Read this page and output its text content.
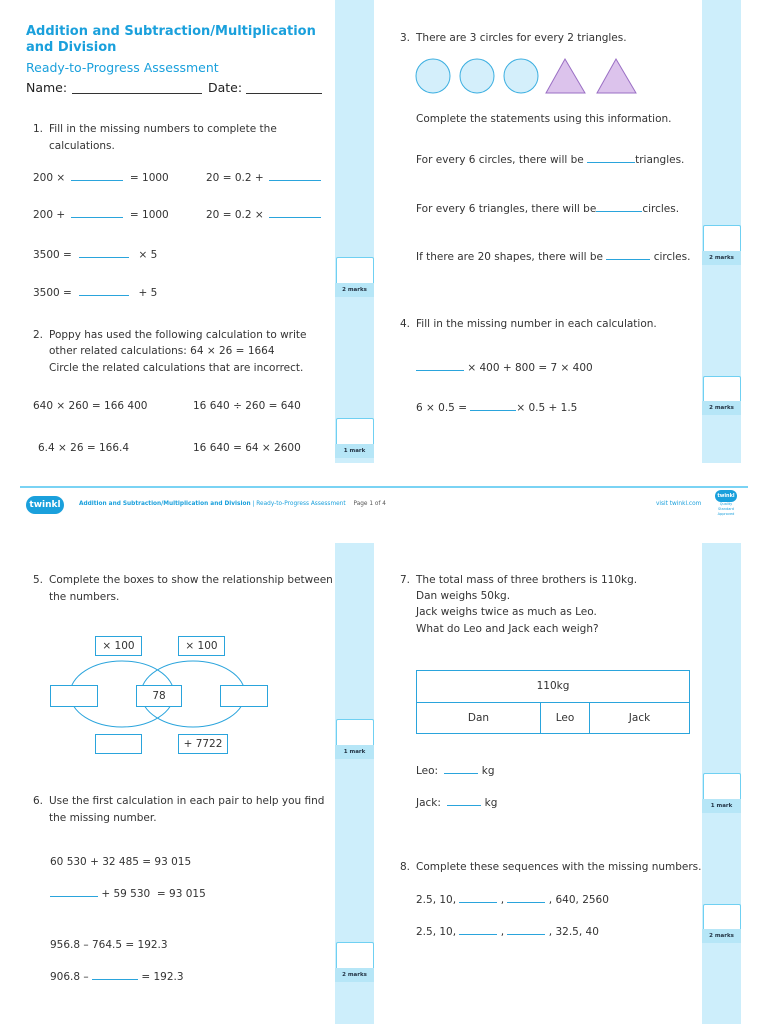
Addition and Subtraction/Multiplication
and Division
Ready-to-Progress Assessment
Name:	Date:
1. Fill in the missing numbers to complete the
calculations.
200 ×	= 1000	20 = 0.2 +
200 +	= 1000	20 = 0.2 ×
3500 =	× 5
3500 =	+ 5	2 marks
2. Poppy has used the following calculation to write
other related calculations: 64 × 26 = 1664
Circle the related calculations that are incorrect.
640 × 260 = 166 400	16 640 ÷ 260 = 640
6.4 × 26 = 166.4	16 640 = 64 × 2600	1 mark
3. There are 3 circles for every 2 triangles.
Complete the statements using this information.
For every 6 circles, there will be	triangles.
For every 6 triangles, there will be	circles.
If there are 20 shapes, there will be	circles.	2 marks
4. Fill in the missing number in each calculation.
× 400 + 800 = 7 × 400
6 × 0.5 =	× 0.5 + 1.5	2 marks
twinkl	Addition and Subtraction/Multiplication and Division | Ready-to-Progress Assessment Page 1 of 4	visit twinkl.com
twinkl
Quality Standard Approved
5. Complete the boxes to show the relationship between
the numbers.
× 100	× 100
78
+ 7722
1 mark
6. Use the first calculation in each pair to help you find
the missing number.
60 530 + 32 485 = 93 015
+ 59 530  = 93 015
956.8 – 764.5 = 192.3
906.8 –	= 192.3	2 marks
7. The total mass of three brothers is 110kg.
Dan weighs 50kg.
Jack weighs twice as much as Leo.
What do Leo and Jack each weigh?
110kg
Dan	Leo	Jack
Leo:	kg
Jack:	kg	1 mark
8. Complete these sequences with the missing numbers.
2.5, 10,	,	, 640, 2560
2.5, 10,	,	, 32.5, 40	2 marks
